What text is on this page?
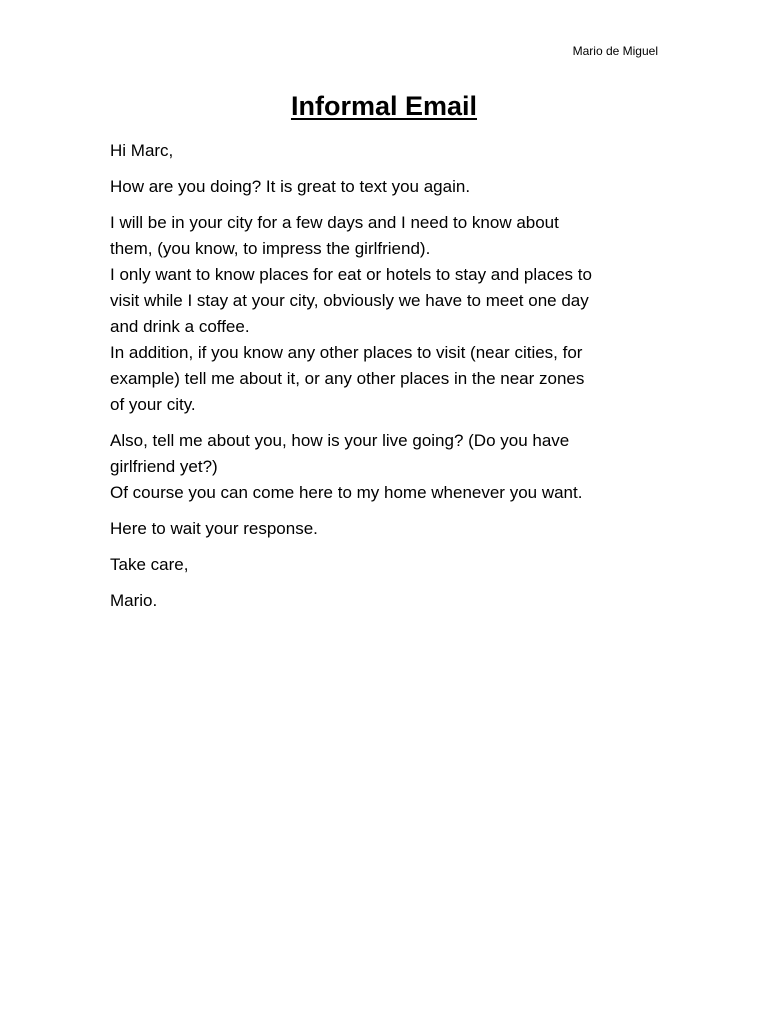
Mario de Miguel
Informal Email

Hi Marc,

How are you doing? It is great to text you again.

I will be in your city for a few days and I need to know about
them, (you know, to impress the girlfriend).
I only want to know places for eat or hotels to stay and places to
visit while I stay at your city, obviously we have to meet one day
and drink a coffee.
In addition, if you know any other places to visit (near cities, for
example) tell me about it, or any other places in the near zones
of your city.

Also, tell me about you, how is your live going? (Do you have
girlfriend yet?)
Of course you can come here to my home whenever you want.

Here to wait your response.

Take care,

Mario.
